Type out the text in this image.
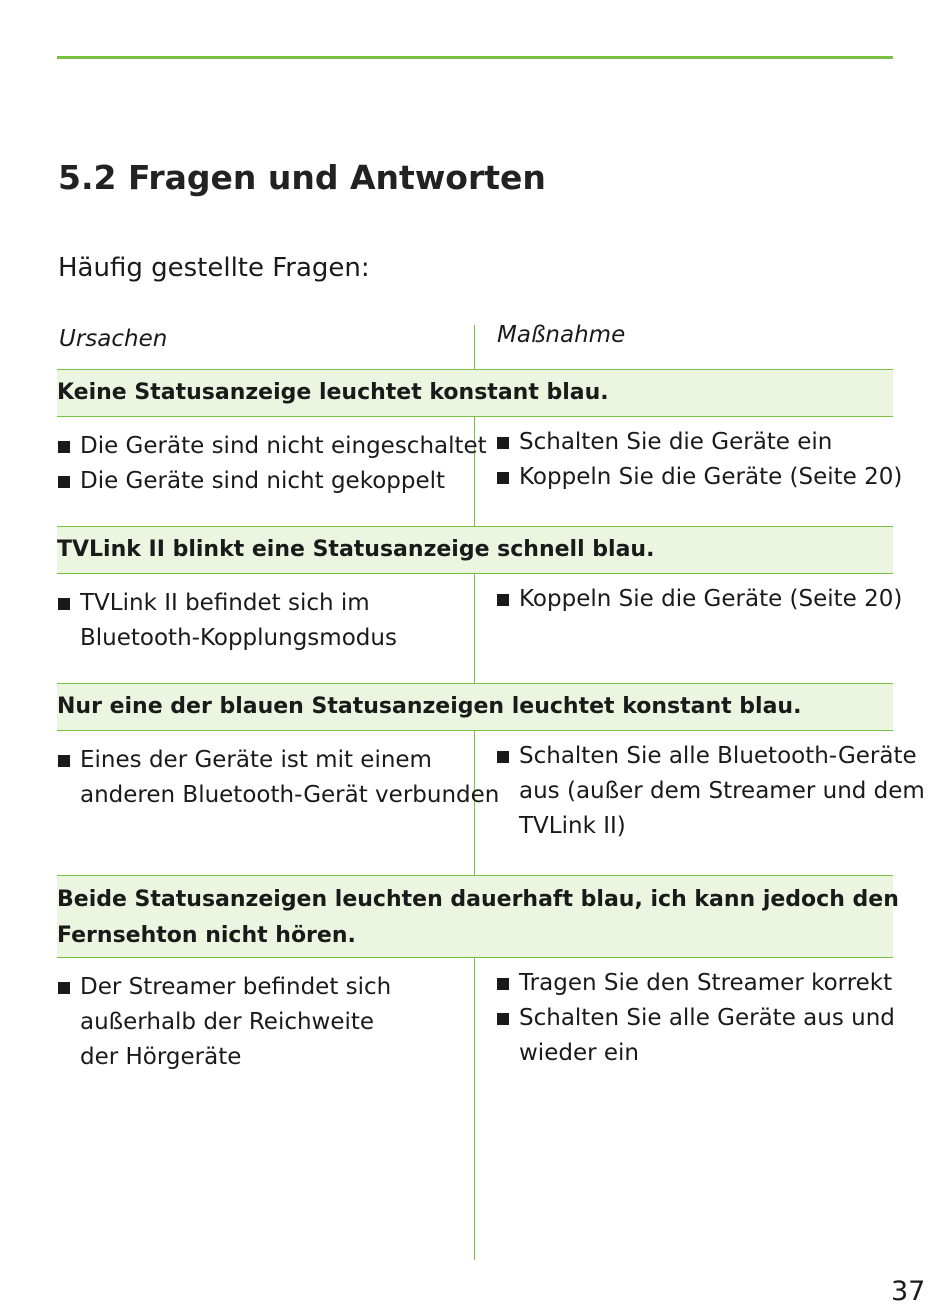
5.2 Fragen und Antworten
Häufig gestellte Fragen:
Ursachen	Maßnahme
Keine Statusanzeige leuchtet konstant blau.
Die Geräte sind nicht eingeschaltet
Die Geräte sind nicht gekoppelt
Schalten Sie die Geräte ein
Koppeln Sie die Geräte (Seite 20)
TVLink II blinkt eine Statusanzeige schnell blau.
TVLink II befindet sich im
Bluetooth-Kopplungsmodus
Koppeln Sie die Geräte (Seite 20)
Nur eine der blauen Statusanzeigen leuchtet konstant blau.
Eines der Geräte ist mit einem
anderen Bluetooth-Gerät verbunden
Schalten Sie alle Bluetooth-Geräte
aus (außer dem Streamer und dem
TVLink II)
Beide Statusanzeigen leuchten dauerhaft blau, ich kann jedoch den
Fernsehton nicht hören.
Der Streamer befindet sich
außerhalb der Reichweite
der Hörgeräte
Tragen Sie den Streamer korrekt
Schalten Sie alle Geräte aus und
wieder ein
37
